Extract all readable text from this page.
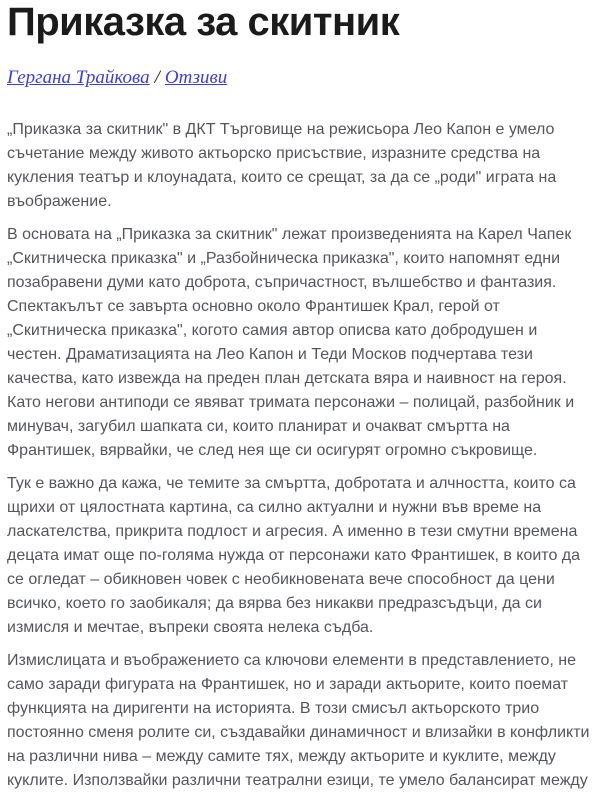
Приказка за скитник
Гергана Трайкова / Отзиви

„Приказка за скитник" в ДКТ Търговище на режисьора Лео Капон е умело съчетание между живото актьорско присъствие, изразните средства на кукления театър и клоунадата, които се срещат, за да се „роди" играта на въображение.

В основата на „Приказка за скитник" лежат произведенията на Карел Чапек „Скитническа приказка" и „Разбойническа приказка", които напомнят едни позабравени думи като доброта, съпричастност, вълшебство и фантазия. Спектакълът се завърта основно около Франтишек Крал, герой от „Скитническа приказка", когото самия автор описва като добродушен и честен. Драматизацията на Лео Капон и Теди Москов подчертава тези качества, като извежда на преден план детската вяра и наивност на героя. Като негови антиподи се явяват тримата персонажи – полицай, разбойник и минувач, загубил шапката си, които планират и очакват смъртта на Франтишек, вярвайки, че след нея ще си осигурят огромно съкровище.

Тук е важно да кажа, че темите за смъртта, добротата и алчността, които са щрихи от цялостната картина, са силно актуални и нужни във време на ласкателства, прикрита подлост и агресия. А именно в тези смутни времена децата имат още по-голяма нужда от персонажи като Франтишек, в които да се огледат – обикновен човек с необикновената вече способност да цени всичко, което го заобикаля; да вярва без никакви предразсъдъци, да си измисля и мечтае, въпреки своята нелека съдба.

Измислицата и въображението са ключови елементи в представлението, не само заради фигурата на Франтишек, но и заради актьорите, които поемат функцията на диригенти на историята. В този смисъл актьорското трио постоянно сменя ролите си, създавайки динамичност и влизайки в конфликти на различни нива – между самите тях, между актьорите и куклите, между куклите. Използвайки различни театрални езици, те умело балансират между
